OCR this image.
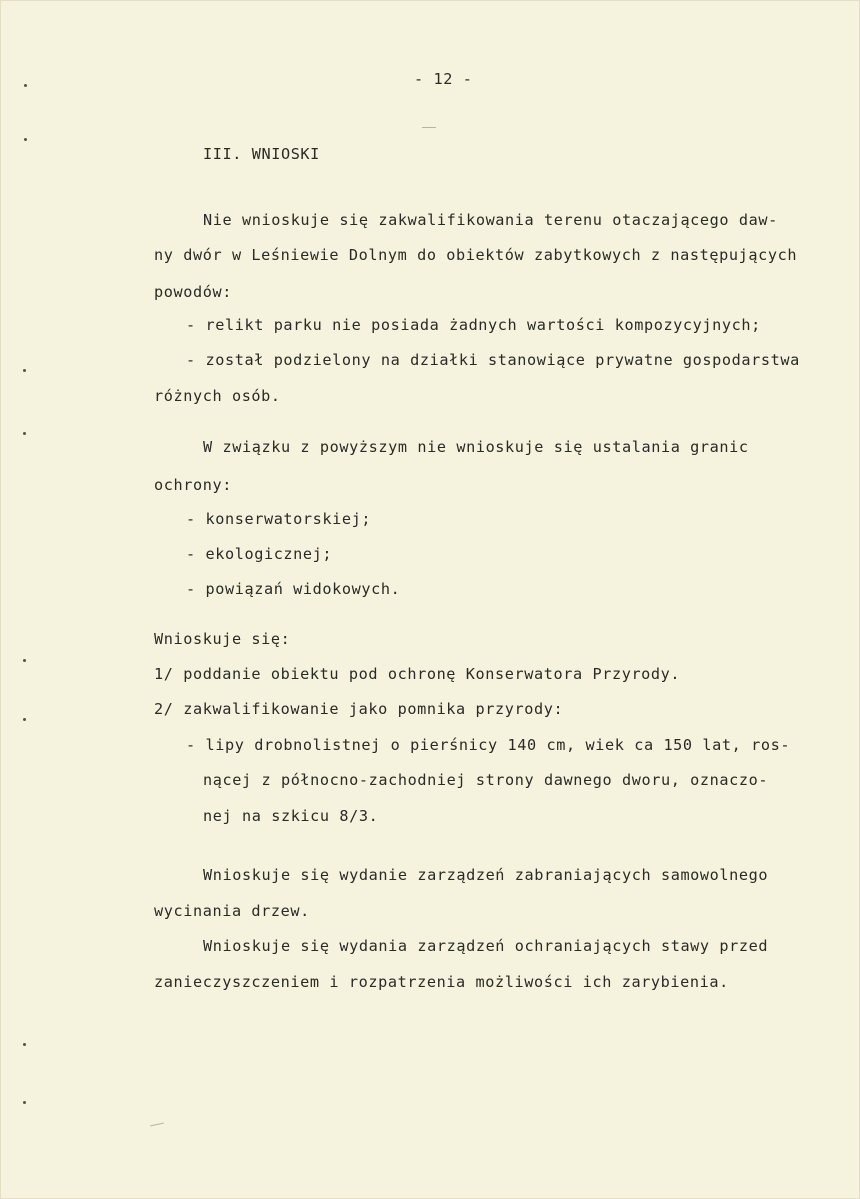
- 12 -
III. WNIOSKI
Nie wnioskuje się zakwalifikowania terenu otaczającego daw-
ny dwór w Leśniewie Dolnym do obiektów zabytkowych z następujących
powodów:
- relikt parku nie posiada żadnych wartości kompozycyjnych;
- został podzielony na działki stanowiące prywatne gospodarstwa
różnych osób.
W związku z powyższym nie wnioskuje się ustalania granic
ochrony:
- konserwatorskiej;
- ekologicznej;
- powiązań widokowych.
Wnioskuje się:
1/ poddanie obiektu pod ochronę Konserwatora Przyrody.
2/ zakwalifikowanie jako pomnika przyrody:
- lipy drobnolistnej o pierśnicy 140 cm, wiek ca 150 lat, ros-
nącej z północno-zachodniej strony dawnego dworu, oznaczo-
nej na szkicu 8/3.
Wnioskuje się wydanie zarządzeń zabraniających samowolnego
wycinania drzew.
Wnioskuje się wydania zarządzeń ochraniających stawy przed
zanieczyszczeniem i rozpatrzenia możliwości ich zarybienia.
